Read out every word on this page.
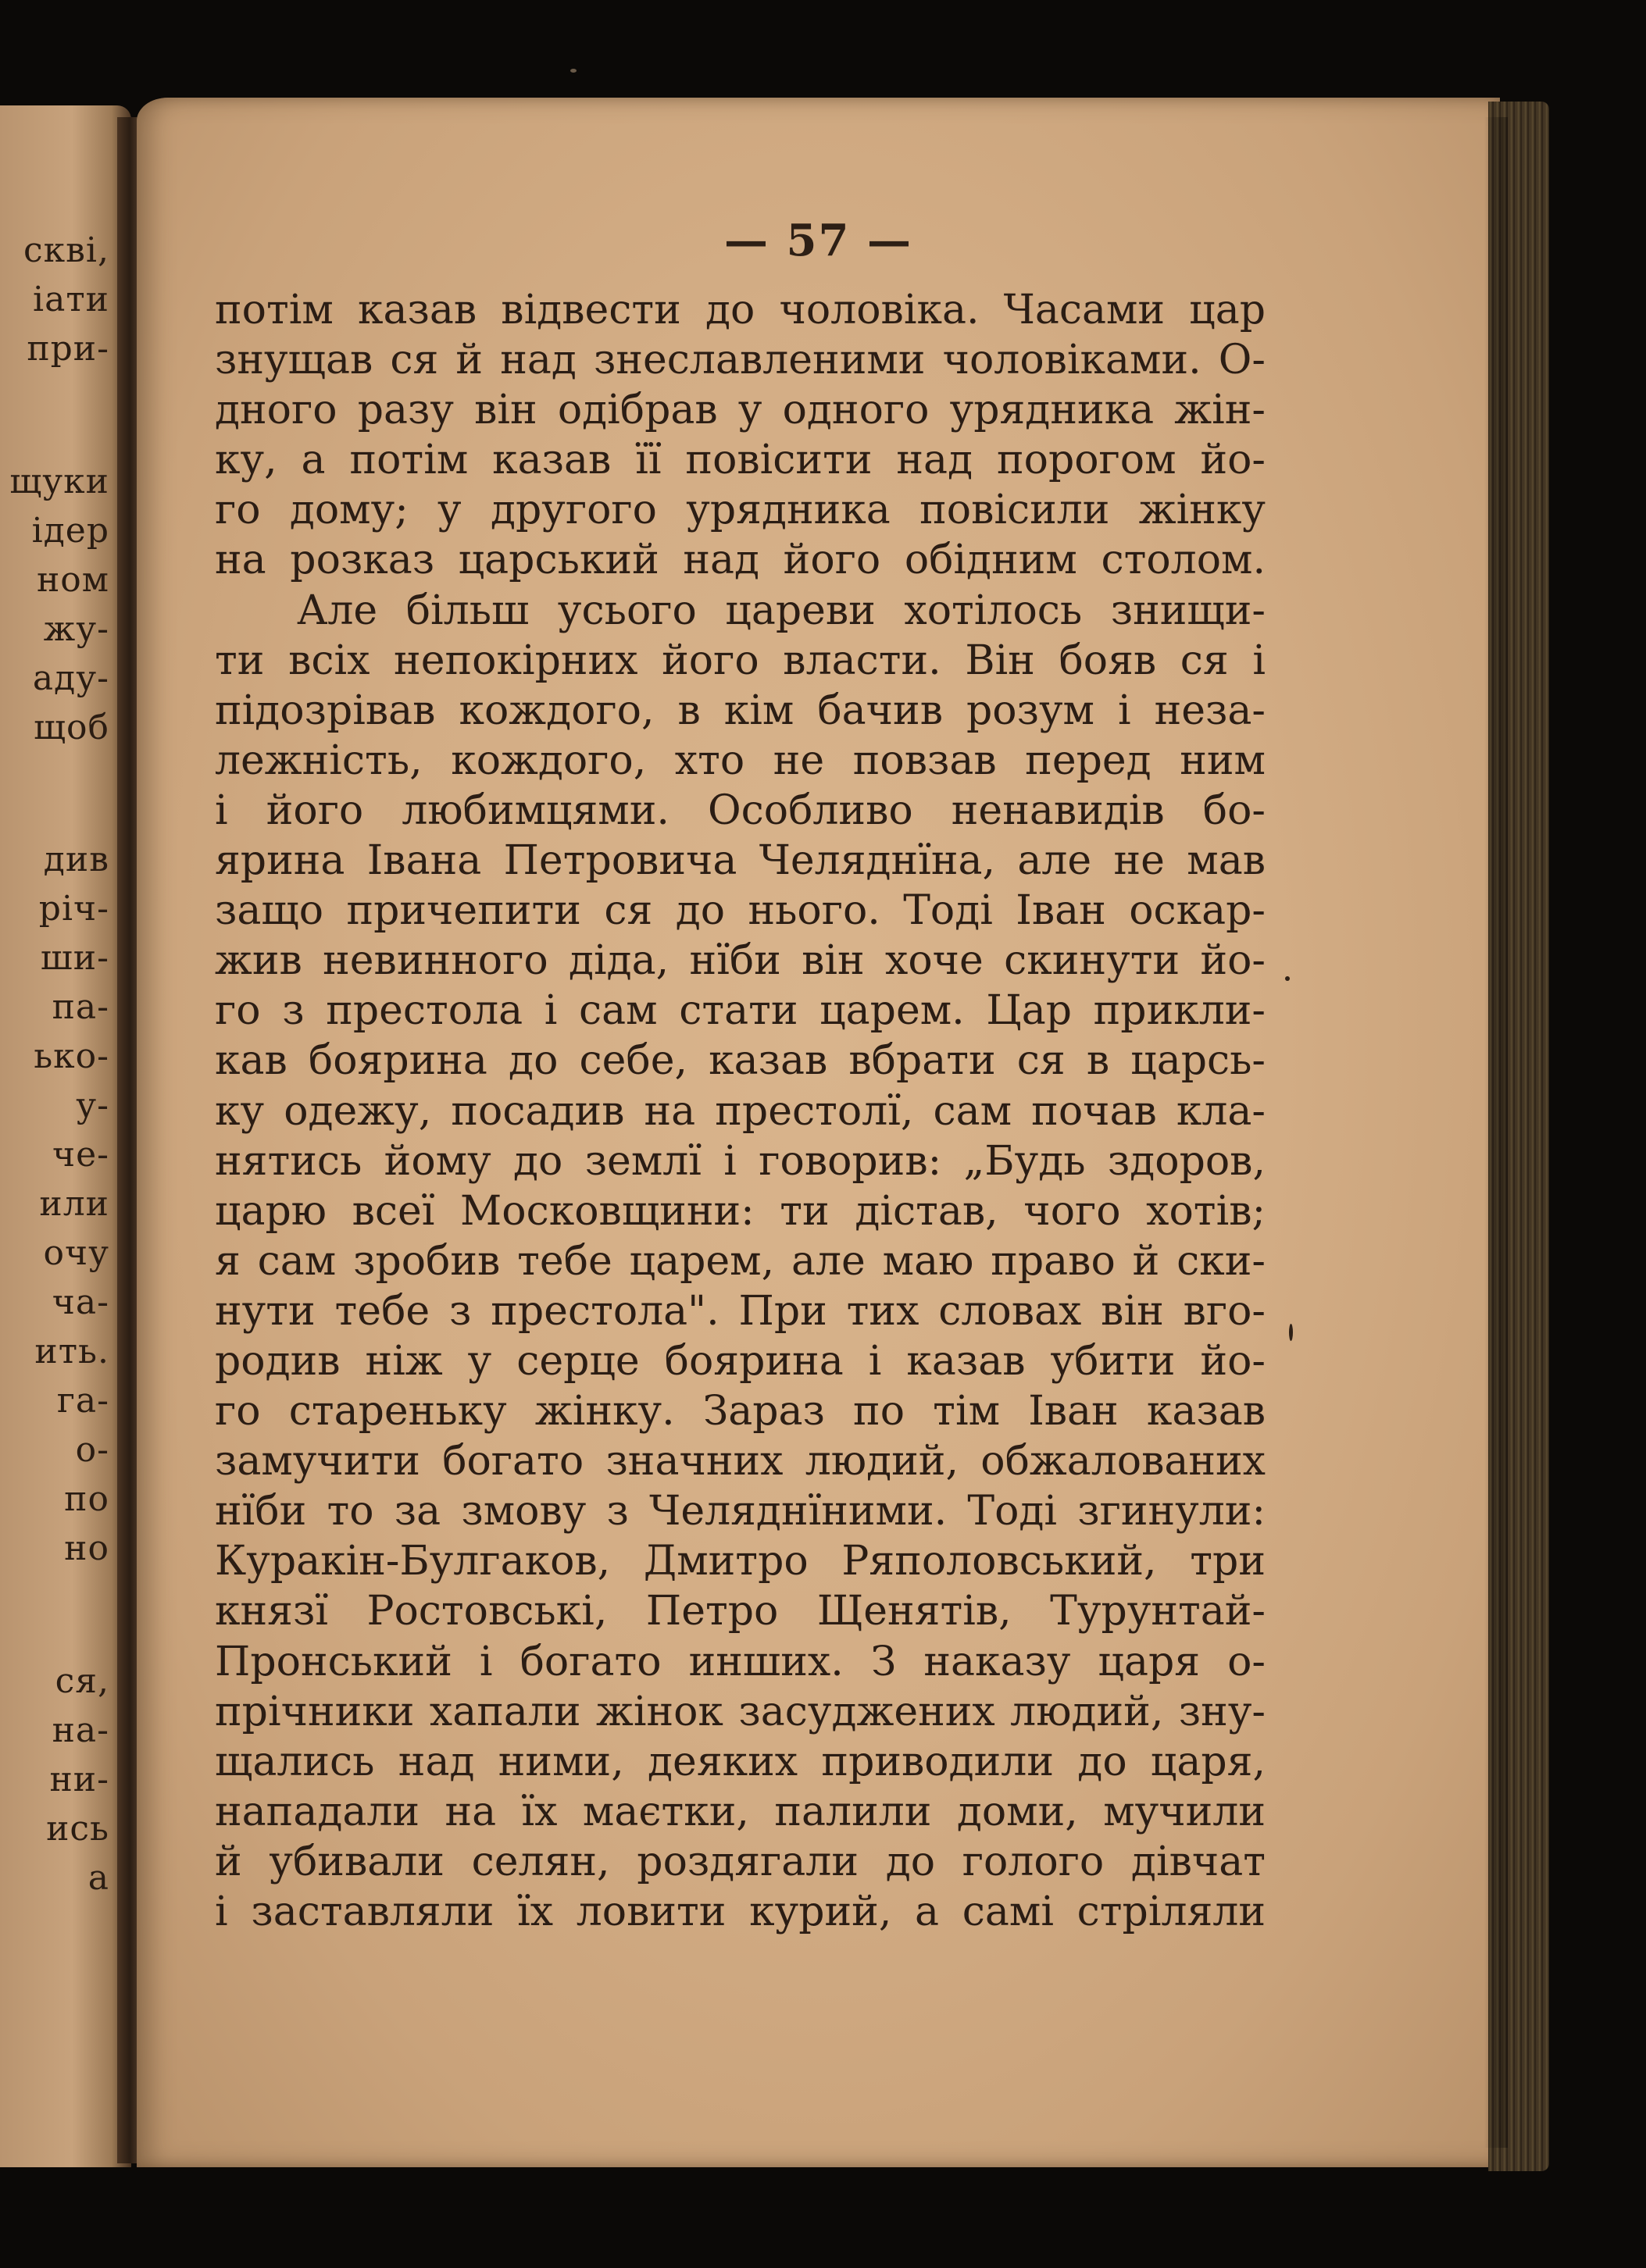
скві,
iати
при-
щуки
ідер
ном
жу-
аду-
щоб
див
річ-
ши-
па-
ько-
у-
че-
или
очу
ча-
ить.
га-
о-
по
но
ся,
на-
ни-
ись
а
— 57 —
потім казав відвести до чоловіка. Часами цар
знущав ся й над знеславленими чоловіками. О-
дного разу він одібрав у одного урядника жін-
ку, а потім казав її повісити над порогом йо-
го дому; у другого урядника повісили жінку
на розказ царський над його обідним столом.
Але більш усього цареви хотілось знищи-
ти всіх непокірних його власти. Він бояв ся і
підозрівав кождого, в кім бачив розум і неза-
лежність, кождого, хто не повзав перед ним
і його любимцями. Особливо ненавидів бо-
ярина Івана Петровича Челяднїна, але не мав
защо причепити ся до нього. Тоді Іван оскар-
жив невинного діда, нїби він хоче скинути йо-
го з престола і сам стати царем. Цар прикли-
кав боярина до себе, казав вбрати ся в царсь-
ку одежу, посадив на престолї, сам почав кла-
нятись йому до землї і говорив: „Будь здоров,
царю всеї Московщини: ти дістав, чого хотів;
я сам зробив тебе царем, але маю право й ски-
нути тебе з престола". При тих словах він вго-
родив ніж у серце боярина і казав убити йо-
го стареньку жінку. Зараз по тім Іван казав
замучити богато значних людий, обжалованих
нїби то за змову з Челяднїними. Тоді згинули:
Куракін-Булгаков, Дмитро Ряполовський, три
князї Ростовські, Петро Щенятів, Турунтай-
Пронський і богато инших. З наказу царя о-
прічники хапали жінок засуджених людий, зну-
щались над ними, деяких приводили до царя,
нападали на їх маєтки, палили доми, мучили
й убивали селян, роздягали до голого дівчат
і заставляли їх ловити курий, а самі стріляли
